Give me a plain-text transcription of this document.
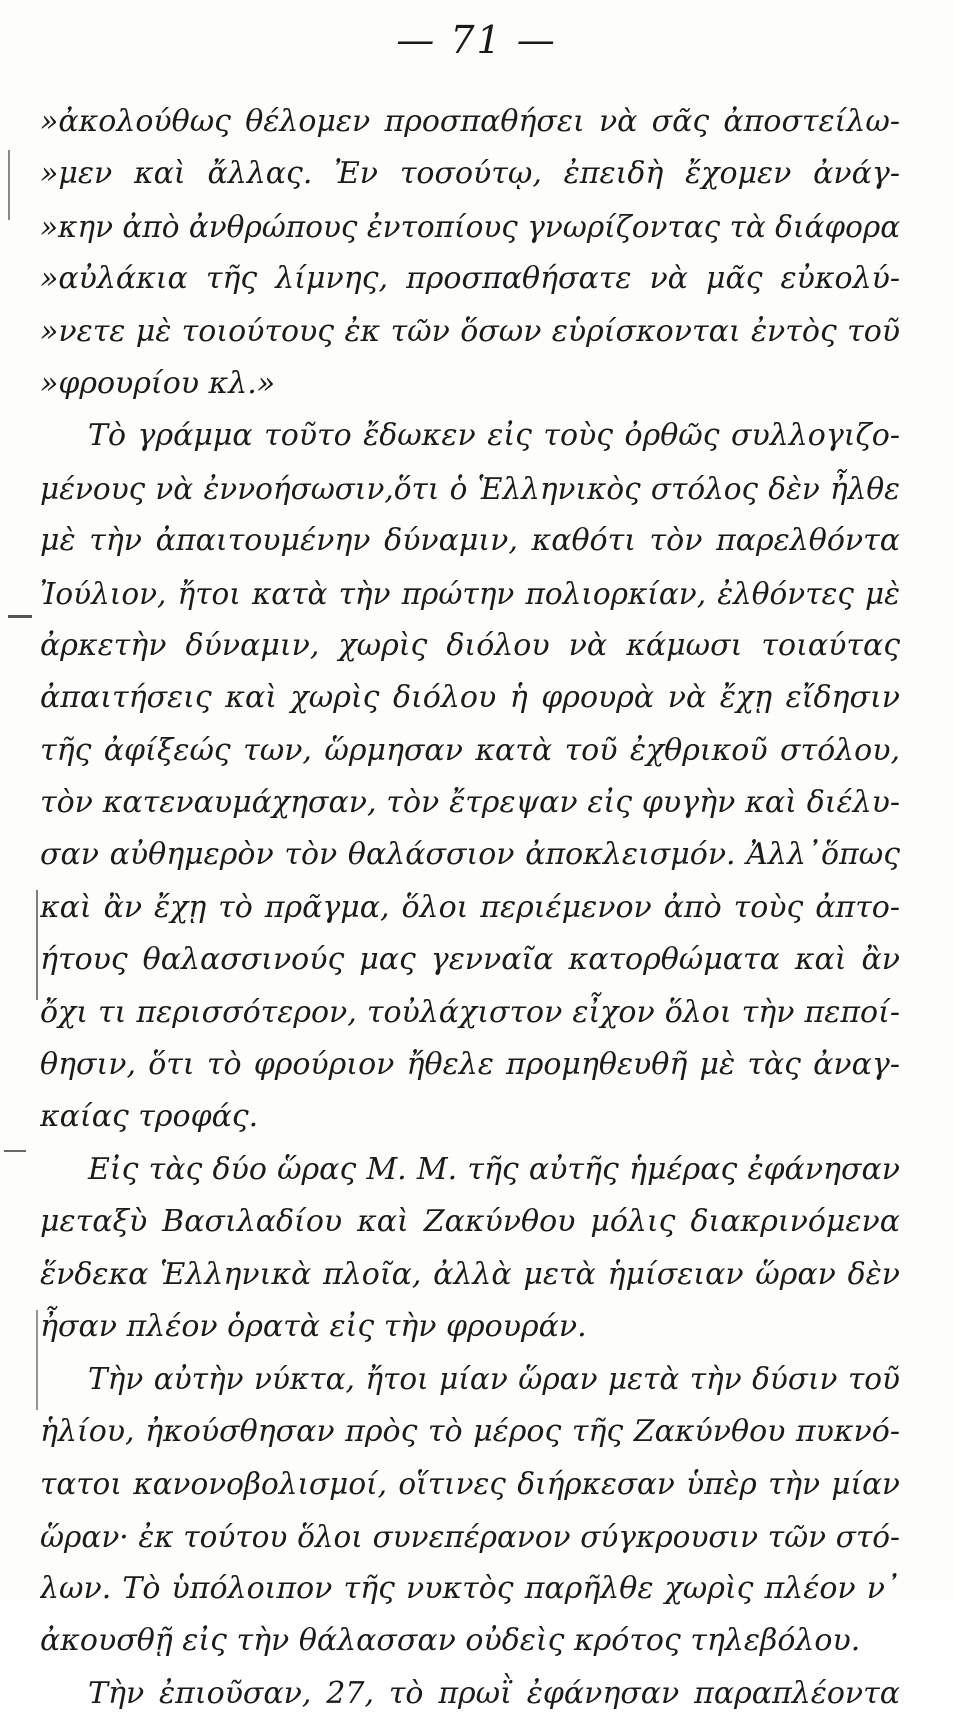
— 71 —
»ἀκολούθως θέλομεν προσπαθήσει νὰ σᾶς ἀποστείλω-
»μεν καὶ ἄλλας. Ἐν τοσούτῳ, ἐπειδὴ ἔχομεν ἀνάγ-
»κην ἀπὸ ἀνθρώπους ἐντοπίους γνωρίζοντας τὰ διάφορα
»αὐλάκια τῆς λίμνης, προσπαθήσατε νὰ μᾶς εὐκολύ-
»νετε μὲ τοιούτους ἐκ τῶν ὅσων εὑρίσκονται ἐντὸς τοῦ
»φρουρίου κλ.»
Τὸ γράμμα τοῦτο ἔδωκεν εἰς τοὺς ὀρθῶς συλλογιζο-
μένους νὰ ἐννοήσωσιν,ὅτι ὁ Ἑλληνικὸς στόλος δὲν ἦλθε
μὲ τὴν ἀπαιτουμένην δύναμιν, καθότι τὸν παρελθόντα
Ἰούλιον, ἤτοι κατὰ τὴν πρώτην πολιορκίαν, ἐλθόντες μὲ
ἀρκετὴν δύναμιν, χωρὶς διόλου νὰ κάμωσι τοιαύτας
ἀπαιτήσεις καὶ χωρὶς διόλου ἡ φρουρὰ νὰ ἔχῃ εἴδησιν
τῆς ἀφίξεώς των, ὥρμησαν κατὰ τοῦ ἐχθρικοῦ στόλου,
τὸν κατεναυμάχησαν, τὸν ἔτρεψαν εἰς φυγὴν καὶ διέλυ-
σαν αὐθημερὸν τὸν θαλάσσιον ἀποκλεισμόν. Ἀλλ᾽ὅπως
καὶ ἂν ἔχῃ τὸ πρᾶγμα, ὅλοι περιέμενον ἀπὸ τοὺς ἀπτο-
ήτους θαλασσινούς μας γενναῖα κατορθώματα καὶ ἂν
ὄχι τι περισσότερον, τοὐλάχιστον εἶχον ὅλοι τὴν πεποί-
θησιν, ὅτι τὸ φρούριον ἤθελε προμηθευθῆ μὲ τὰς ἀναγ-
καίας τροφάς.
Εἰς τὰς δύο ὥρας Μ. Μ. τῆς αὐτῆς ἡμέρας ἐφάνησαν
μεταξὺ Βασιλαδίου καὶ Ζακύνθου μόλις διακρινόμενα
ἕνδεκα Ἑλληνικὰ πλοῖα, ἀλλὰ μετὰ ἡμίσειαν ὥραν δὲν
ἦσαν πλέον ὁρατὰ εἰς τὴν φρουράν.
Τὴν αὐτὴν νύκτα, ἤτοι μίαν ὥραν μετὰ τὴν δύσιν τοῦ
ἡλίου, ἠκούσθησαν πρὸς τὸ μέρος τῆς Ζακύνθου πυκνό-
τατοι κανονοβολισμοί, οἵτινες διήρκεσαν ὑπὲρ τὴν μίαν
ὥραν· ἐκ τούτου ὅλοι συνεπέρανον σύγκρουσιν τῶν στό-
λων. Τὸ ὑπόλοιπον τῆς νυκτὸς παρῆλθε χωρὶς πλέον ν᾽
ἀκουσθῇ εἰς τὴν θάλασσαν οὐδεὶς κρότος τηλεβόλου.
Τὴν ἐπιοῦσαν, 27, τὸ πρωῒ ἐφάνησαν παραπλέοντα
